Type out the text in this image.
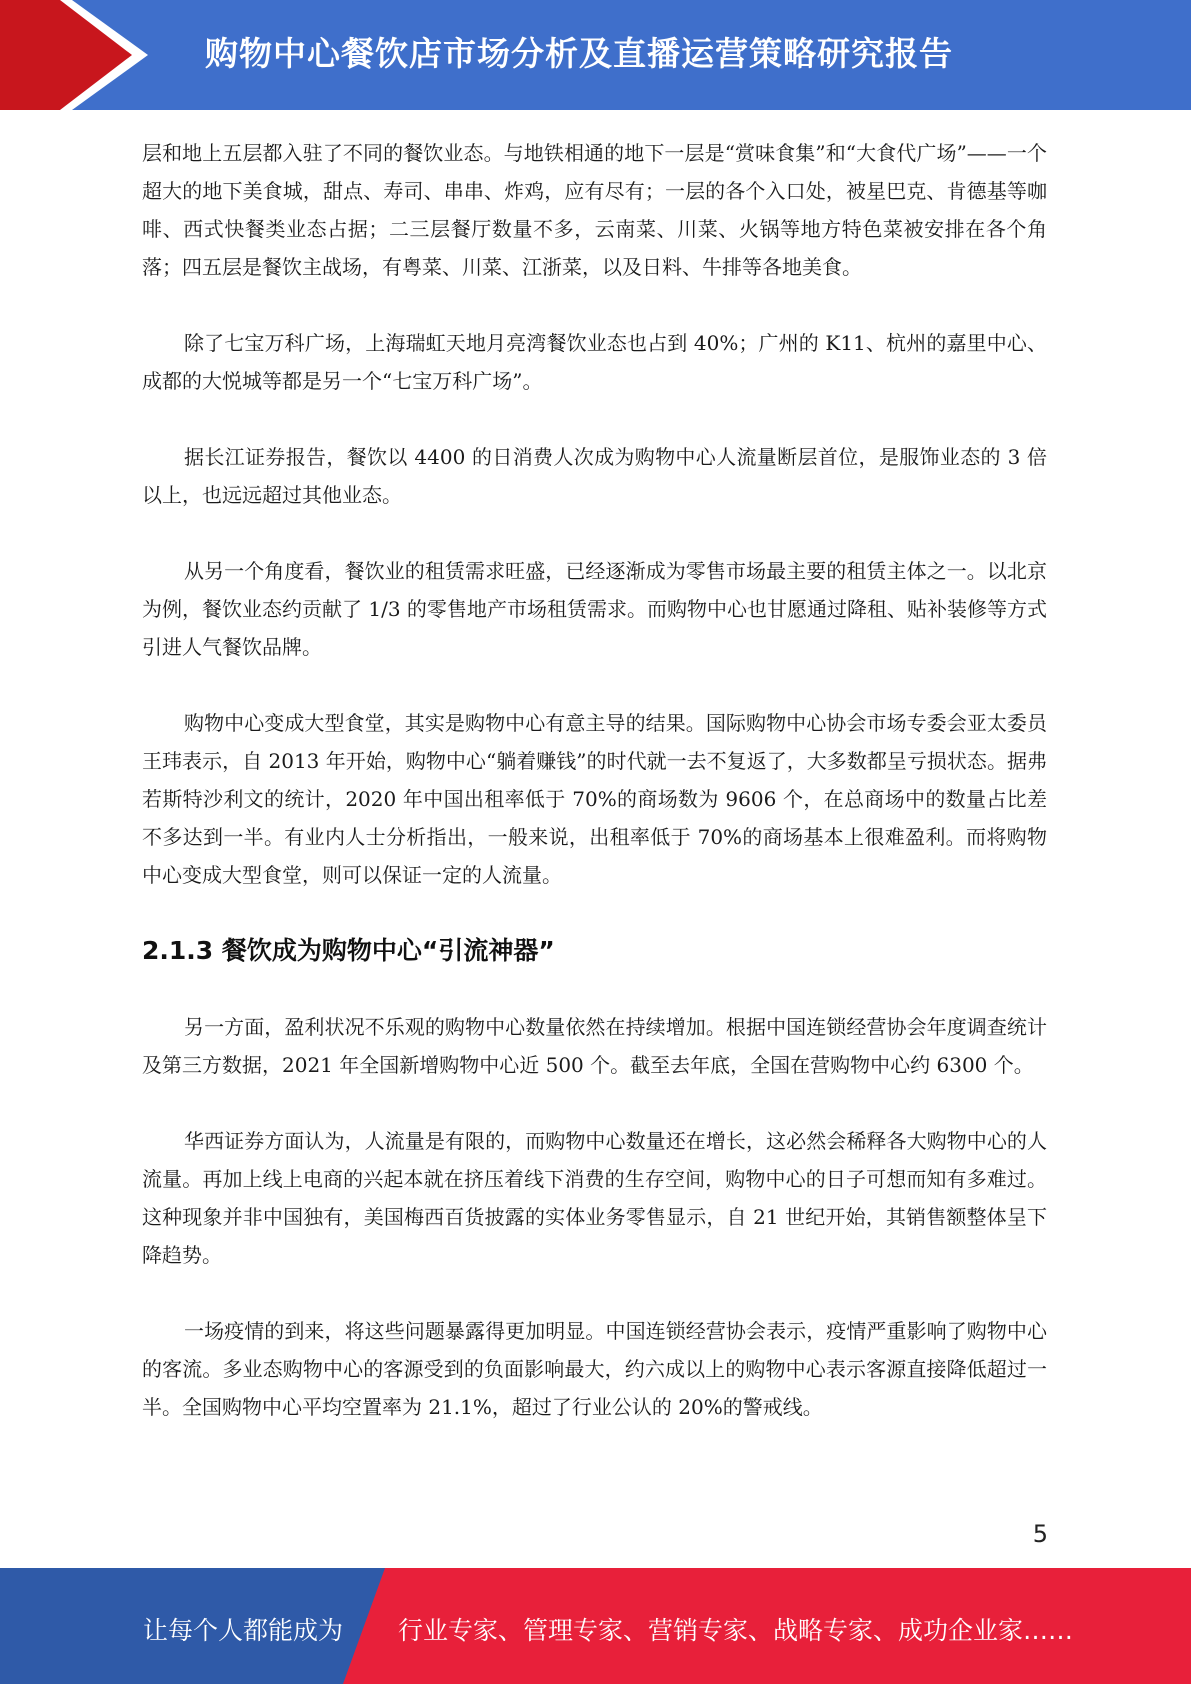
购物中心餐饮店市场分析及直播运营策略研究报告

层和地上五层都入驻了不同的餐饮业态。与地铁相通的地下一层是“赏味食集”和“大食代广场”——一个超大的地下美食城，甜点、寿司、串串、炸鸡，应有尽有；一层的各个入口处，被星巴克、肯德基等咖啡、西式快餐类业态占据；二三层餐厅数量不多，云南菜、川菜、火锅等地方特色菜被安排在各个角落；四五层是餐饮主战场，有粤菜、川菜、江浙菜，以及日料、牛排等各地美食。

除了七宝万科广场，上海瑞虹天地月亮湾餐饮业态也占到 40%；广州的 K11、杭州的嘉里中心、成都的大悦城等都是另一个“七宝万科广场”。

据长江证券报告，餐饮以 4400 的日消费人次成为购物中心人流量断层首位，是服饰业态的 3 倍以上，也远远超过其他业态。

从另一个角度看，餐饮业的租赁需求旺盛，已经逐渐成为零售市场最主要的租赁主体之一。以北京为例，餐饮业态约贡献了 1/3 的零售地产市场租赁需求。而购物中心也甘愿通过降租、贴补装修等方式引进人气餐饮品牌。

购物中心变成大型食堂，其实是购物中心有意主导的结果。国际购物中心协会市场专委会亚太委员王玮表示，自 2013 年开始，购物中心“躺着赚钱”的时代就一去不复返了，大多数都呈亏损状态。据弗若斯特沙利文的统计，2020 年中国出租率低于 70%的商场数为 9606 个，在总商场中的数量占比差不多达到一半。有业内人士分析指出，一般来说，出租率低于 70%的商场基本上很难盈利。而将购物中心变成大型食堂，则可以保证一定的人流量。

2.1.3 餐饮成为购物中心“引流神器”

另一方面，盈利状况不乐观的购物中心数量依然在持续增加。根据中国连锁经营协会年度调查统计及第三方数据，2021 年全国新增购物中心近 500 个。截至去年底，全国在营购物中心约 6300 个。

华西证券方面认为，人流量是有限的，而购物中心数量还在增长，这必然会稀释各大购物中心的人流量。再加上线上电商的兴起本就在挤压着线下消费的生存空间，购物中心的日子可想而知有多难过。这种现象并非中国独有，美国梅西百货披露的实体业务零售显示，自 21 世纪开始，其销售额整体呈下降趋势。

一场疫情的到来，将这些问题暴露得更加明显。中国连锁经营协会表示，疫情严重影响了购物中心的客流。多业态购物中心的客源受到的负面影响最大，约六成以上的购物中心表示客源直接降低超过一半。全国购物中心平均空置率为 21.1%，超过了行业公认的 20%的警戒线。

5
让每个人都能成为 行业专家、管理专家、营销专家、战略专家、成功企业家……
